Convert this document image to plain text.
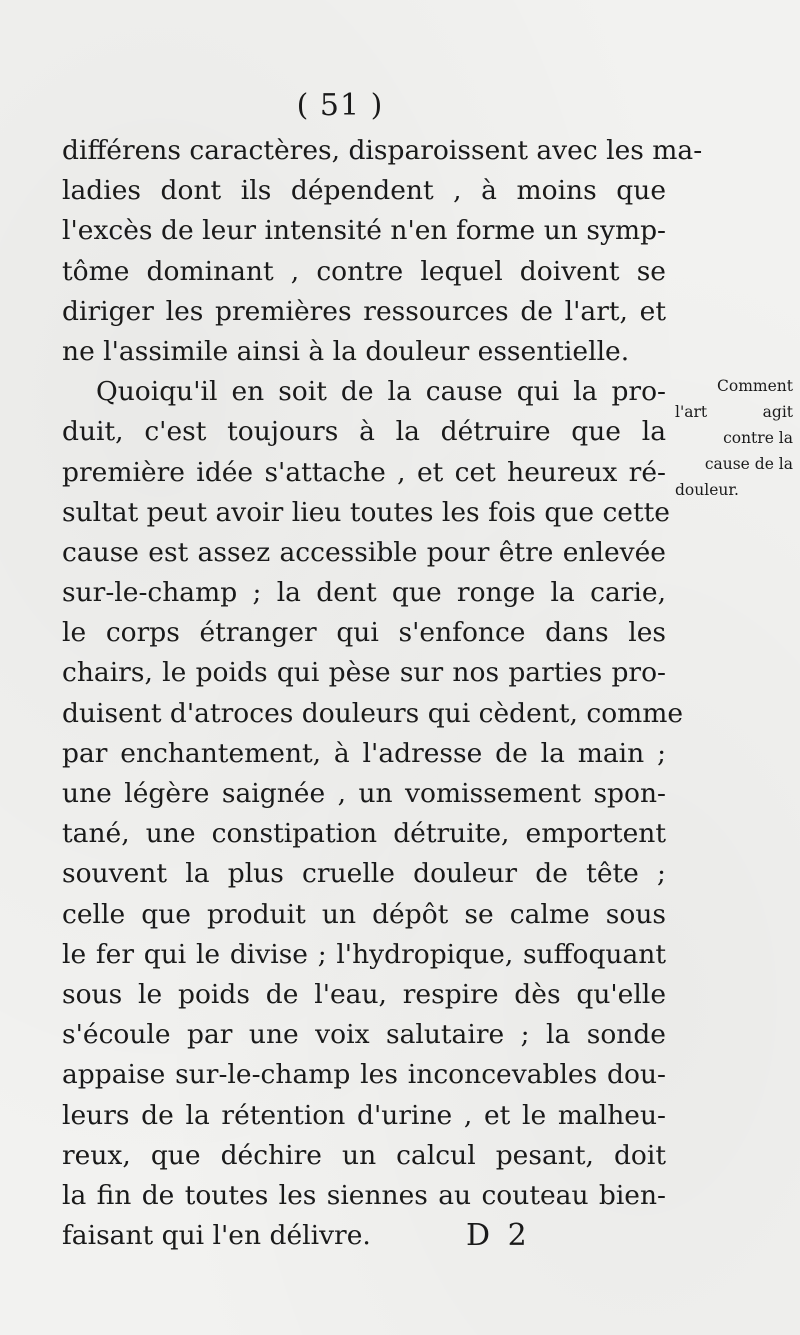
( 51 )
différens caractères, disparoissent avec les ma-
ladies dont ils dépendent , à moins que
l'excès de leur intensité n'en forme un symp-
tôme dominant , contre lequel doivent se
diriger les premières ressources de l'art, et
ne l'assimile ainsi à la douleur essentielle.
Quoiqu'il en soit de la cause qui la pro-
duit, c'est toujours à la détruire que la
première idée s'attache , et cet heureux ré-
sultat peut avoir lieu toutes les fois que cette
cause est assez accessible pour être enlevée
sur-le-champ ; la dent que ronge la carie,
le corps étranger qui s'enfonce dans les
chairs, le poids qui pèse sur nos parties pro-
duisent d'atroces douleurs qui cèdent, comme
par enchantement, à l'adresse de la main ;
une légère saignée , un vomissement spon-
tané, une constipation détruite, emportent
souvent la plus cruelle douleur de tête ;
celle que produit un dépôt se calme sous
le fer qui le divise ; l'hydropique, suffoquant
sous le poids de l'eau, respire dès qu'elle
s'écoule par une voix salutaire ; la sonde
appaise sur-le-champ les inconcevables dou-
leurs de la rétention d'urine , et le malheu-
reux, que déchire un calcul pesant, doit
la fin de toutes les siennes au couteau bien-
faisant qui l'en délivre.
Comment
l'art agit
contre la
cause de la
douleur.
D 2
